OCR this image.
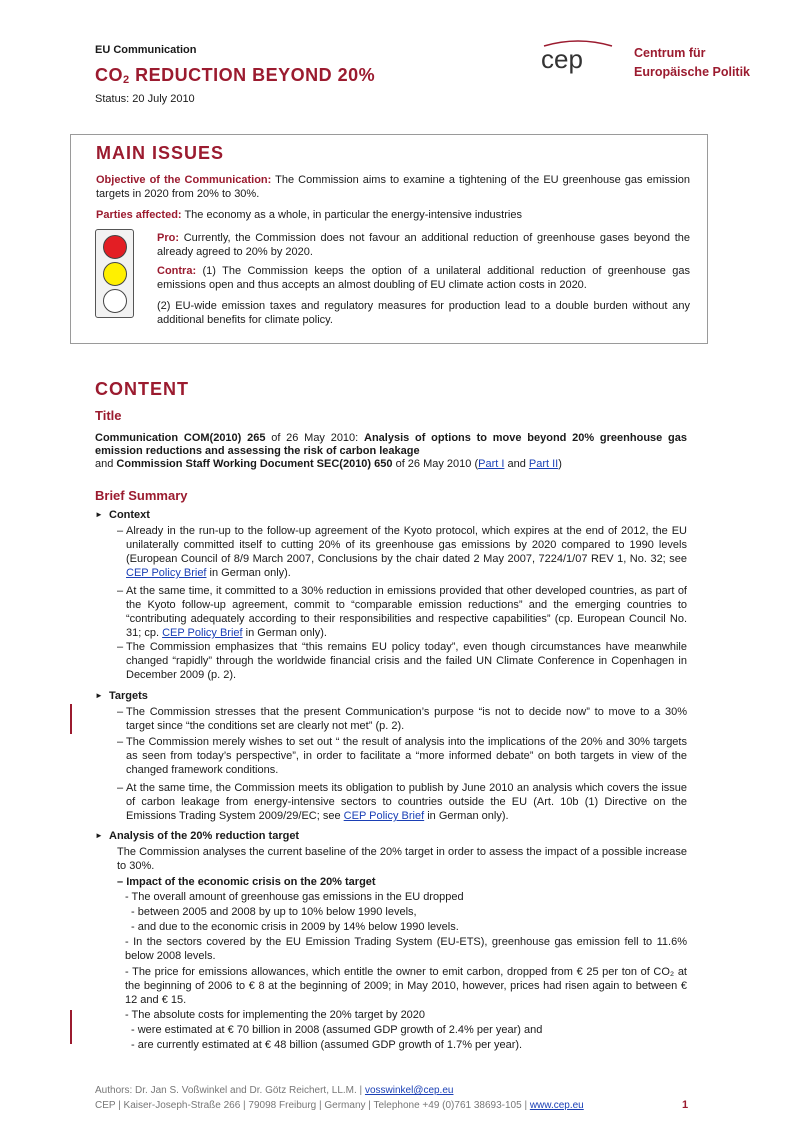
EU Communication
$CO_2$ REDUCTION BEYOND 20%
Status: 20 July 2010
cep	Centrum für
Europäische Politik
MAIN ISSUES
Objective of the Communication: The Commission aims to examine a tightening of the EU greenhouse gas emission targets in 2020 from 20% to 30%.
Parties affected: The economy as a whole, in particular the energy-intensive industries
Pro: Currently, the Commission does not favour an additional reduction of greenhouse gases beyond the already agreed to 20% by 2020.
Contra: (1) The Commission keeps the option of a unilateral additional reduction of greenhouse gas emissions open and thus accepts an almost doubling of EU climate action costs in 2020.
(2) EU-wide emission taxes and regulatory measures for production lead to a double burden without any additional benefits for climate policy.
CONTENT
Title
Communication COM(2010) 265 of 26 May 2010: Analysis of options to move beyond 20% greenhouse gas emission reductions and assessing the risk of carbon leakage
and Commission Staff Working Document SEC(2010) 650 of 26 May 2010 (Part I and Part II)
Brief Summary
► Context
– Already in the run-up to the follow-up agreement of the Kyoto protocol, which expires at the end of 2012, the EU unilaterally committed itself to cutting 20% of its greenhouse gas emissions by 2020 compared to 1990 levels (European Council of 8/9 March 2007, Conclusions by the chair dated 2 May 2007, 7224/1/07 REV 1, No. 32; see CEP Policy Brief in German only).
– At the same time, it committed to a 30% reduction in emissions provided that other developed countries, as part of the Kyoto follow-up agreement, commit to “comparable emission reductions” and the emerging countries to “contributing adequately according to their responsibilities and respective capabilities” (cp. European Council No. 31; cp. CEP Policy Brief in German only).
– The Commission emphasizes that “this remains EU policy today”, even though circumstances have meanwhile changed “rapidly” through the worldwide financial crisis and the failed UN Climate Conference in Copenhagen in December 2009 (p. 2).
► Targets
– The Commission stresses that the present Communication’s purpose “is not to decide now” to move to a 30% target since “the conditions set are clearly not met” (p. 2).
– The Commission merely wishes to set out “ the result of analysis into the implications of the 20% and 30% targets as seen from today’s perspective”, in order to facilitate a “more informed debate” on both targets in view of the changed framework conditions.
– At the same time, the Commission meets its obligation to publish by June 2010 an analysis which covers the issue of carbon leakage from energy-intensive sectors to countries outside the EU (Art. 10b (1) Directive on the Emissions Trading System 2009/29/EC; see CEP Policy Brief in German only).
► Analysis of the 20% reduction target
The Commission analyses the current baseline of the 20% target in order to assess the impact of a possible increase to 30%.
– Impact of the economic crisis on the 20% target
- The overall amount of greenhouse gas emissions in the EU dropped
- between 2005 and 2008 by up to 10% below 1990 levels,
- and due to the economic crisis in 2009 by 14% below 1990 levels.
- In the sectors covered by the EU Emission Trading System (EU-ETS), greenhouse gas emission fell to 11.6% below 2008 levels.
- The price for emissions allowances, which entitle the owner to emit carbon, dropped from € 25 per ton of CO₂ at the beginning of 2006 to € 8 at the beginning of 2009; in May 2010, however, prices had risen again to between € 12 and € 15.
- The absolute costs for implementing the 20% target by 2020
- were estimated at € 70 billion in 2008 (assumed GDP growth of 2.4% per year) and
- are currently estimated at € 48 billion (assumed GDP growth of 1.7% per year).
Authors: Dr. Jan S. Voßwinkel and Dr. Götz Reichert, LL.M. | vosswinkel@cep.eu
CEP | Kaiser-Joseph-Straße 266 | 79098 Freiburg | Germany | Telephone +49 (0)761 38693-105 | www.cep.eu	1
